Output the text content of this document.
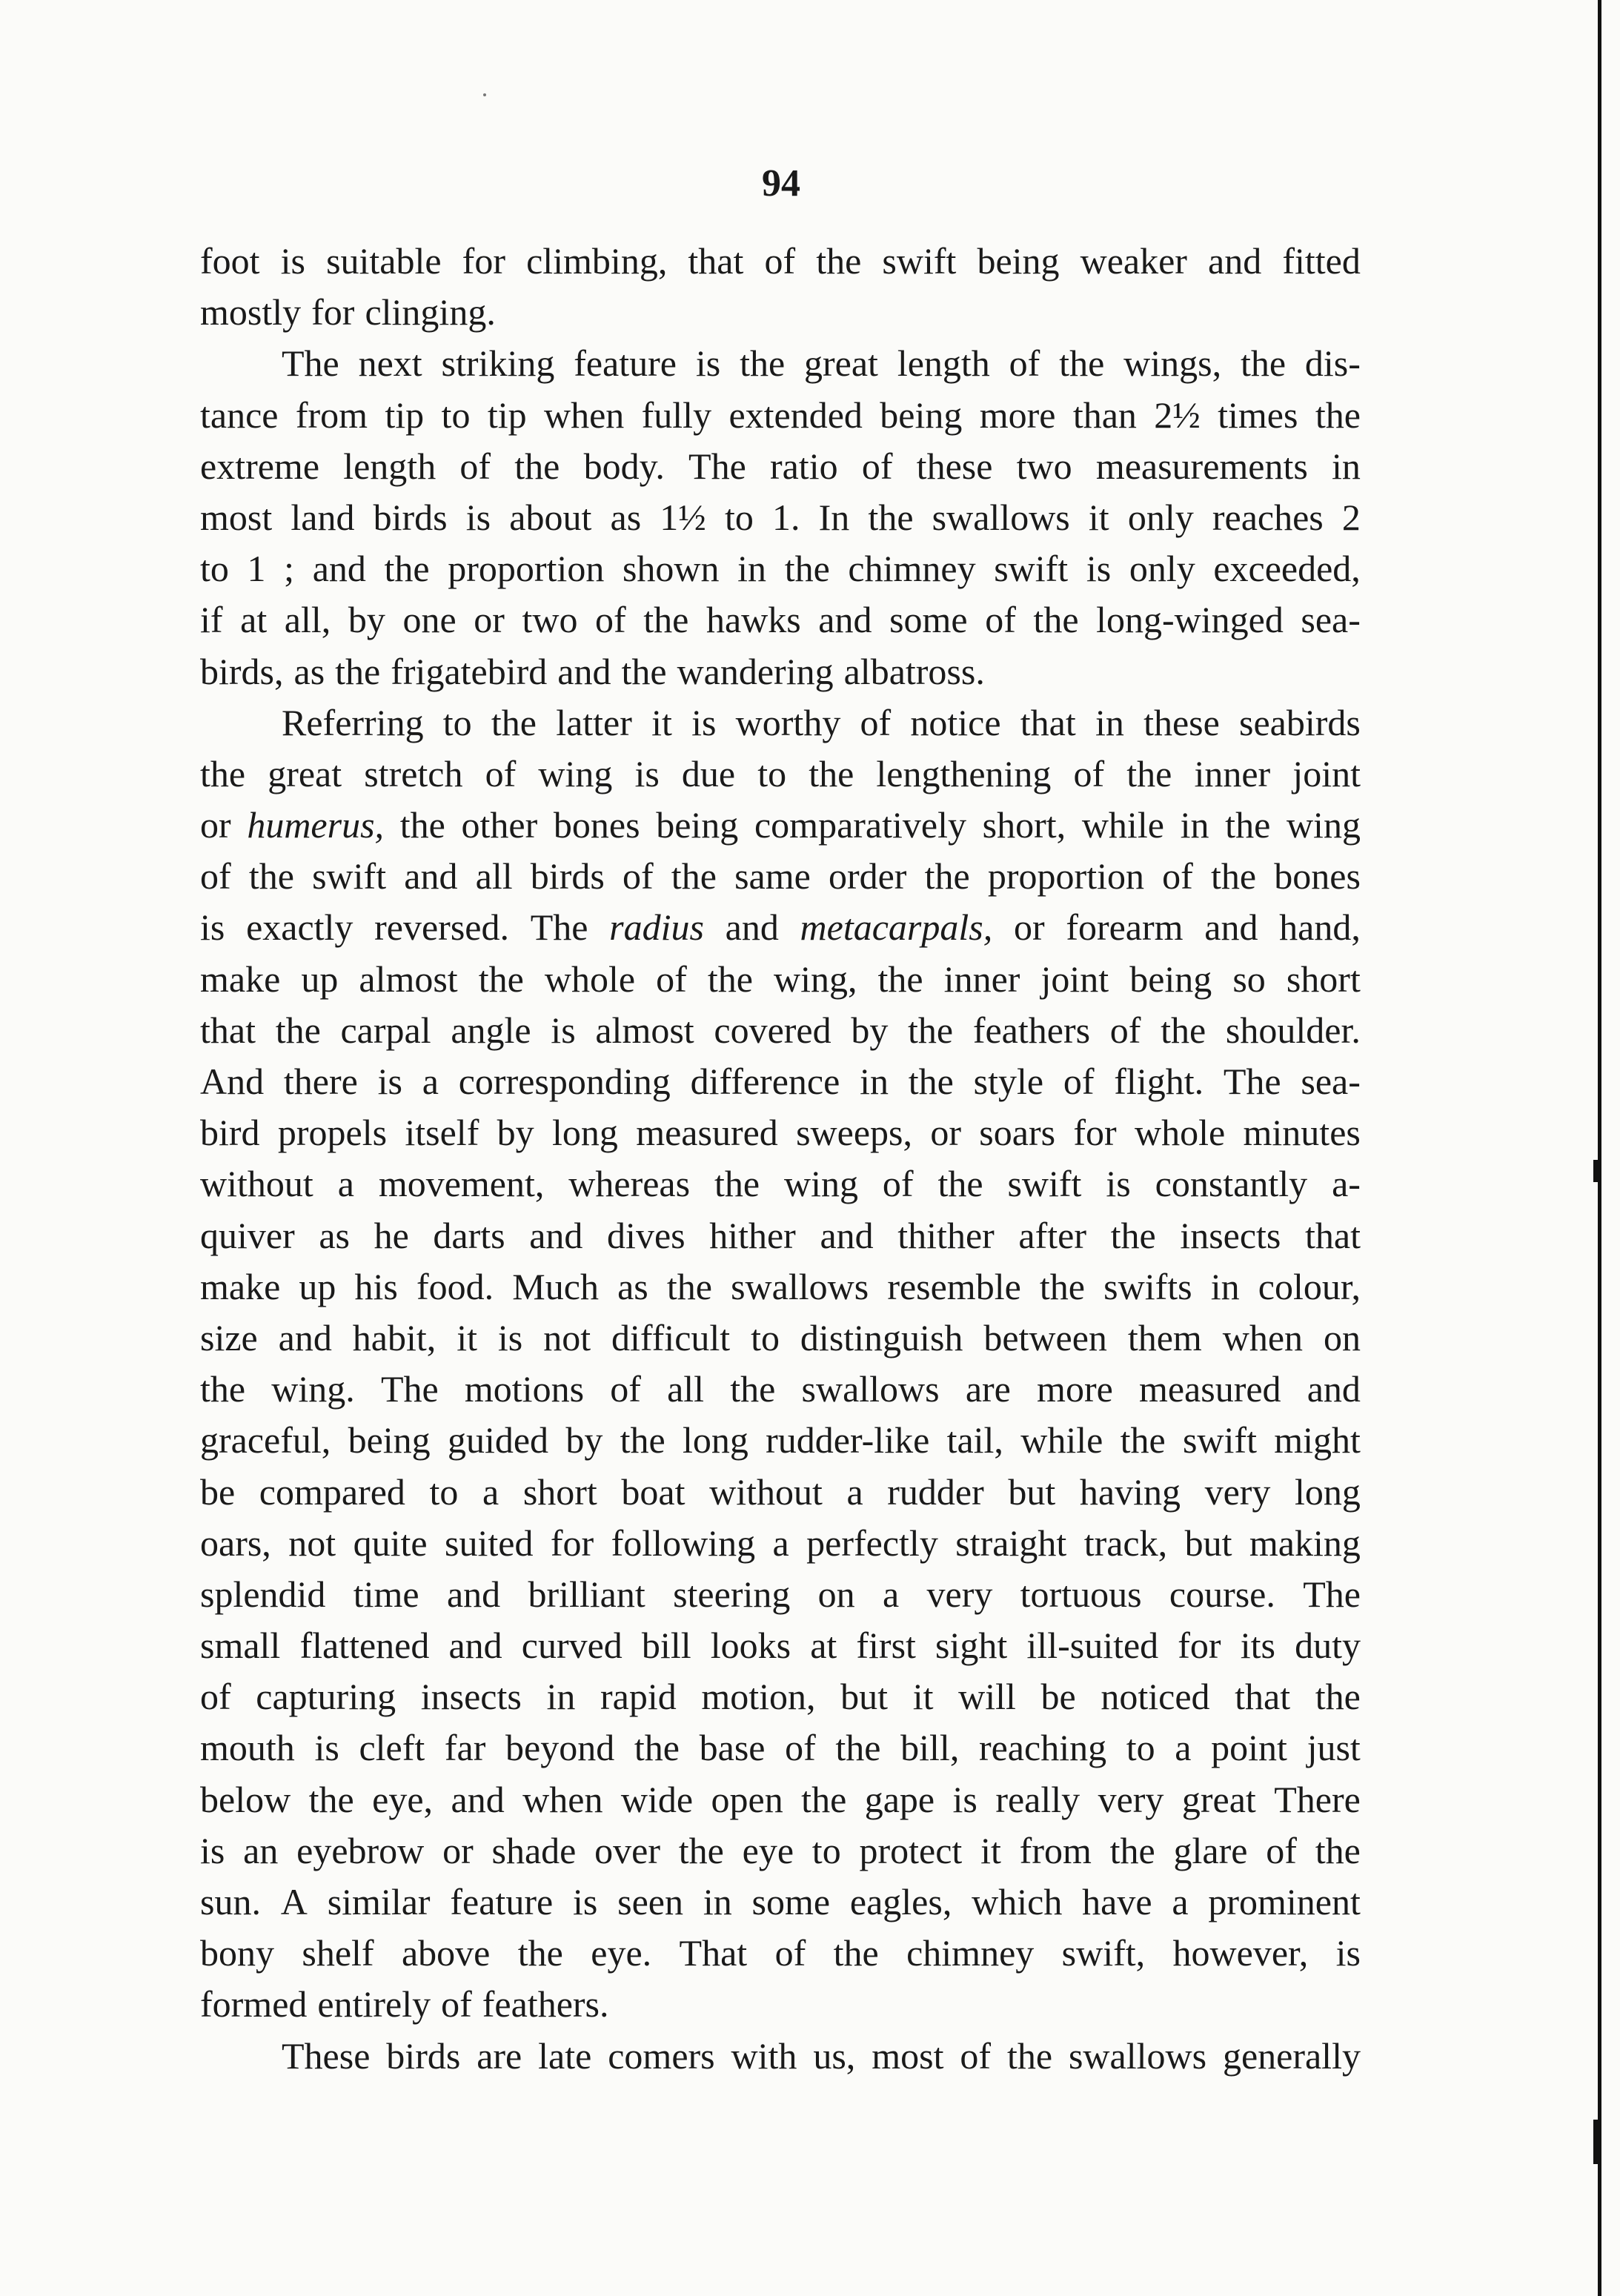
94
foot is suitable for climbing, that of the swift being weaker and fitted
mostly for clinging.
The next striking feature is the great length of the wings, the dis-
tance from tip to tip when fully extended being more than 2½ times the
extreme length of the body. The ratio of these two measurements in
most land birds is about as 1½ to 1. In the swallows it only reaches 2
to 1 ; and the proportion shown in the chimney swift is only exceeded,
if at all, by one or two of the hawks and some of the long-winged sea-
birds, as the frigatebird and the wandering albatross.
Referring to the latter it is worthy of notice that in these seabirds
the great stretch of wing is due to the lengthening of the inner joint
or humerus, the other bones being comparatively short, while in the wing
of the swift and all birds of the same order the proportion of the bones
is exactly reversed. The radius and metacarpals, or forearm and hand,
make up almost the whole of the wing, the inner joint being so short
that the carpal angle is almost covered by the feathers of the shoulder.
And there is a corresponding difference in the style of flight. The sea-
bird propels itself by long measured sweeps, or soars for whole minutes
without a movement, whereas the wing of the swift is constantly a-
quiver as he darts and dives hither and thither after the insects that
make up his food. Much as the swallows resemble the swifts in colour,
size and habit, it is not difficult to distinguish between them when on
the wing. The motions of all the swallows are more measured and
graceful, being guided by the long rudder-like tail, while the swift might
be compared to a short boat without a rudder but having very long
oars, not quite suited for following a perfectly straight track, but making
splendid time and brilliant steering on a very tortuous course. The
small flattened and curved bill looks at first sight ill-suited for its duty
of capturing insects in rapid motion, but it will be noticed that the
mouth is cleft far beyond the base of the bill, reaching to a point just
below the eye, and when wide open the gape is really very great There
is an eyebrow or shade over the eye to protect it from the glare of the
sun. A similar feature is seen in some eagles, which have a prominent
bony shelf above the eye. That of the chimney swift, however, is
formed entirely of feathers.
These birds are late comers with us, most of the swallows generally
